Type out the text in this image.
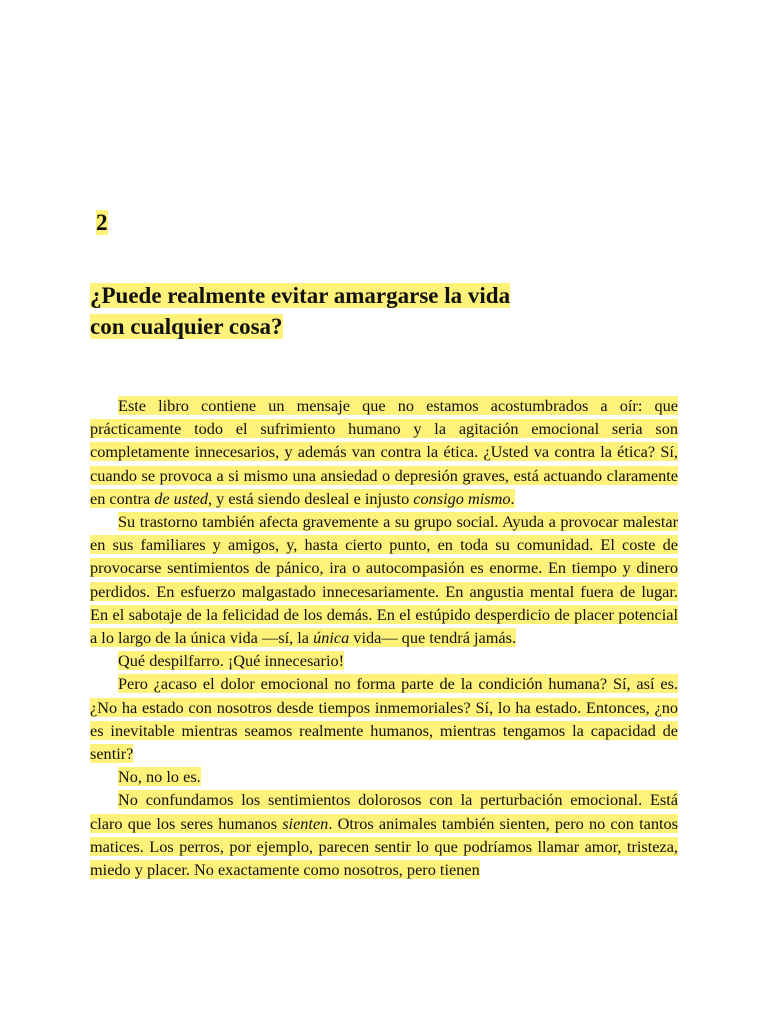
2
¿Puede realmente evitar amargarse la vida
con cualquier cosa?

Este libro contiene un mensaje que no estamos acostumbrados a oír: que prácticamente todo el sufrimiento humano y la agitación emocional seria son completamente innecesarios, y además van contra la ética. ¿Usted va contra la ética? Sí, cuando se provoca a si mismo una ansiedad o depresión graves, está actuando claramente en contra de usted, y está siendo desleal e injusto consigo mismo.

Su trastorno también afecta gravemente a su grupo social. Ayuda a provocar malestar en sus familiares y amigos, y, hasta cierto punto, en toda su comunidad. El coste de provocarse sentimientos de pánico, ira o autocompasión es enorme. En tiempo y dinero perdidos. En esfuerzo malgastado innecesariamente. En angustia mental fuera de lugar. En el sabotaje de la felicidad de los demás. En el estúpido desperdicio de placer potencial a lo largo de la única vida —sí, la única vida— que tendrá jamás.

Qué despilfarro. ¡Qué innecesario!

Pero ¿acaso el dolor emocional no forma parte de la condición humana? Sí, así es. ¿No ha estado con nosotros desde tiempos inmemoriales? Sí, lo ha estado. Entonces, ¿no es inevitable mientras seamos realmente humanos, mientras tengamos la capacidad de sentir?

No, no lo es.

No confundamos los sentimientos dolorosos con la perturbación emocional. Está claro que los seres humanos sienten. Otros animales también sienten, pero no con tantos matices. Los perros, por ejemplo, parecen sentir lo que podríamos llamar amor, tristeza, miedo y placer. No exactamente como nosotros, pero tienen
